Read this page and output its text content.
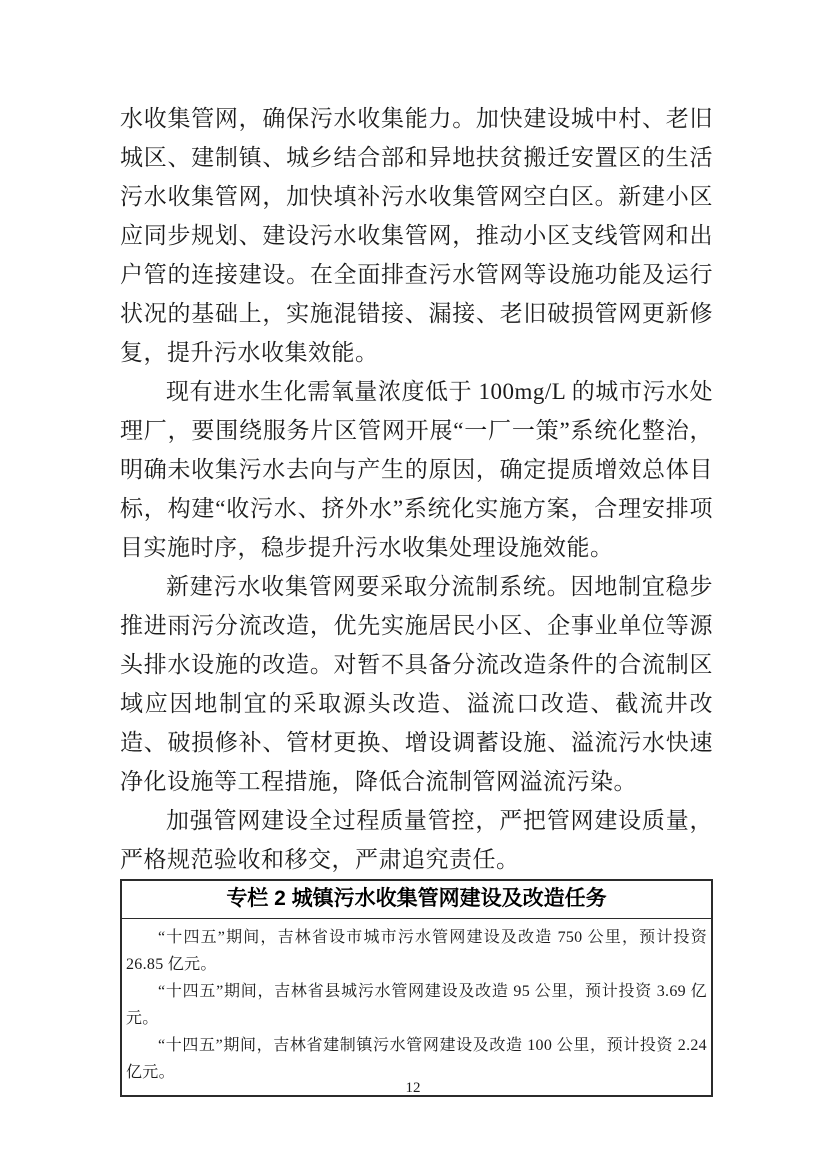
水收集管网，确保污水收集能力。加快建设城中村、老旧城区、建制镇、城乡结合部和异地扶贫搬迁安置区的生活污水收集管网，加快填补污水收集管网空白区。新建小区应同步规划、建设污水收集管网，推动小区支线管网和出户管的连接建设。在全面排查污水管网等设施功能及运行状况的基础上，实施混错接、漏接、老旧破损管网更新修复，提升污水收集效能。

现有进水生化需氧量浓度低于 100mg/L 的城市污水处理厂，要围绕服务片区管网开展“一厂一策”系统化整治，明确未收集污水去向与产生的原因，确定提质增效总体目标，构建“收污水、挤外水”系统化实施方案，合理安排项目实施时序，稳步提升污水收集处理设施效能。

新建污水收集管网要采取分流制系统。因地制宜稳步推进雨污分流改造，优先实施居民小区、企事业单位等源头排水设施的改造。对暂不具备分流改造条件的合流制区域应因地制宜的采取源头改造、溢流口改造、截流井改造、破损修补、管材更换、增设调蓄设施、溢流污水快速净化设施等工程措施，降低合流制管网溢流污染。

加强管网建设全过程质量管控，严把管网建设质量，严格规范验收和移交，严肃追究责任。

专栏 2 城镇污水收集管网建设及改造任务

“十四五”期间，吉林省设市城市污水管网建设及改造 750 公里，预计投资 26.85 亿元。

“十四五”期间，吉林省县城污水管网建设及改造 95 公里，预计投资 3.69 亿元。

“十四五”期间，吉林省建制镇污水管网建设及改造 100 公里，预计投资 2.24 亿元。

12
